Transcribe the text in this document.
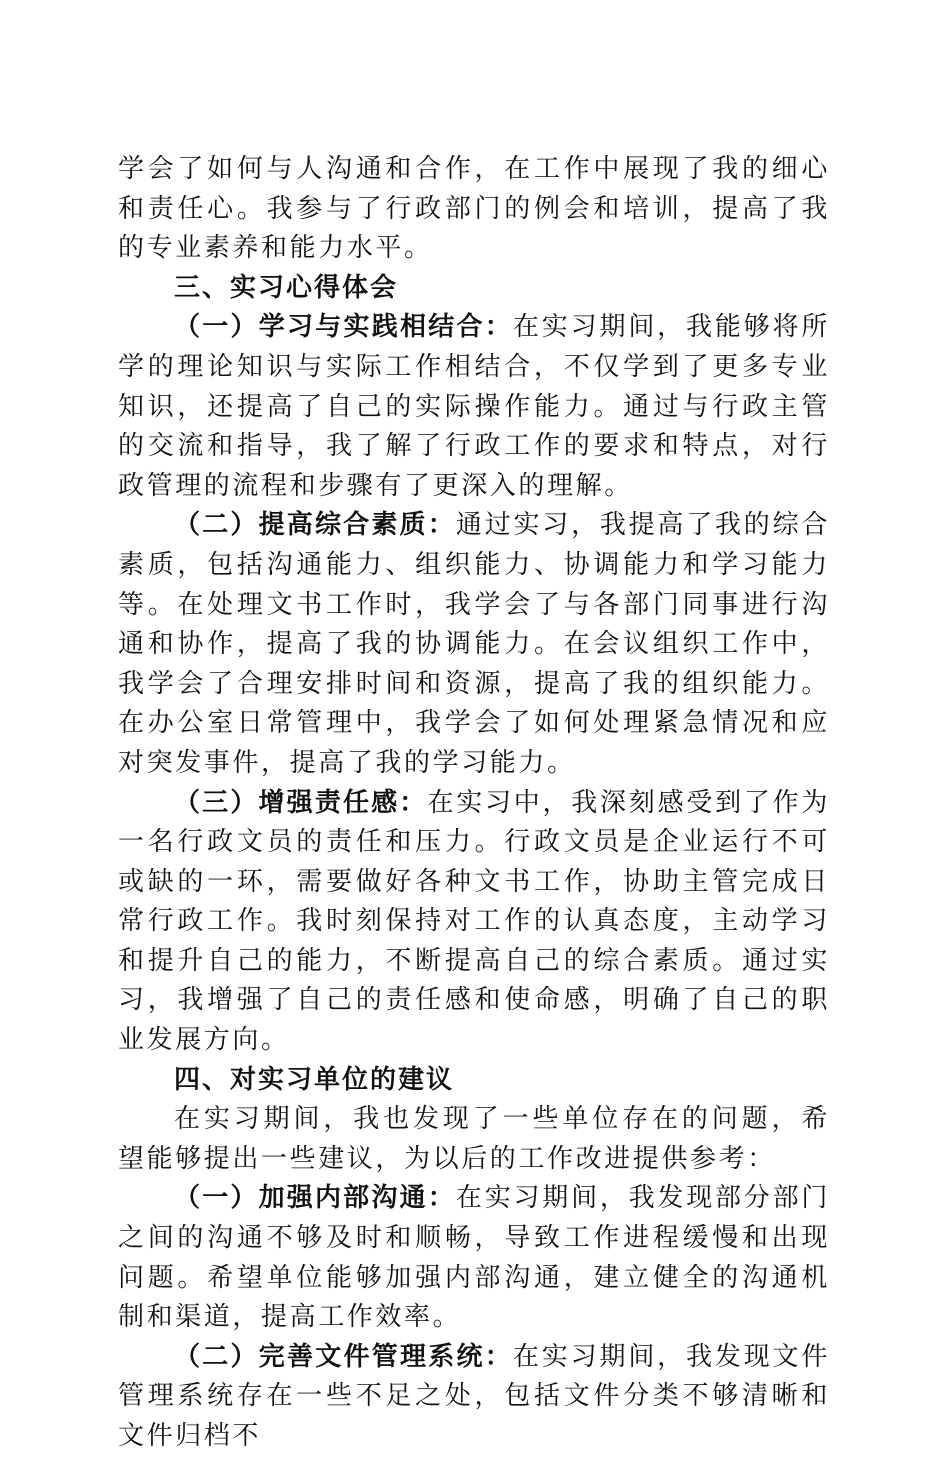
学会了如何与人沟通和合作，在工作中展现了我的细心和责任心。我参与了行政部门的例会和培训，提高了我的专业素养和能力水平。

三、实习心得体会

（一）学习与实践相结合：在实习期间，我能够将所学的理论知识与实际工作相结合，不仅学到了更多专业知识，还提高了自己的实际操作能力。通过与行政主管的交流和指导，我了解了行政工作的要求和特点，对行政管理的流程和步骤有了更深入的理解。

（二）提高综合素质：通过实习，我提高了我的综合素质，包括沟通能力、组织能力、协调能力和学习能力等。在处理文书工作时，我学会了与各部门同事进行沟通和协作，提高了我的协调能力。在会议组织工作中，我学会了合理安排时间和资源，提高了我的组织能力。在办公室日常管理中，我学会了如何处理紧急情况和应对突发事件，提高了我的学习能力。

（三）增强责任感：在实习中，我深刻感受到了作为一名行政文员的责任和压力。行政文员是企业运行不可或缺的一环，需要做好各种文书工作，协助主管完成日常行政工作。我时刻保持对工作的认真态度，主动学习和提升自己的能力，不断提高自己的综合素质。通过实习，我增强了自己的责任感和使命感，明确了自己的职业发展方向。

四、对实习单位的建议

在实习期间，我也发现了一些单位存在的问题，希望能够提出一些建议，为以后的工作改进提供参考：

（一）加强内部沟通：在实习期间，我发现部分部门之间的沟通不够及时和顺畅，导致工作进程缓慢和出现问题。希望单位能够加强内部沟通，建立健全的沟通机制和渠道，提高工作效率。

（二）完善文件管理系统：在实习期间，我发现文件管理系统存在一些不足之处，包括文件分类不够清晰和文件归档不
